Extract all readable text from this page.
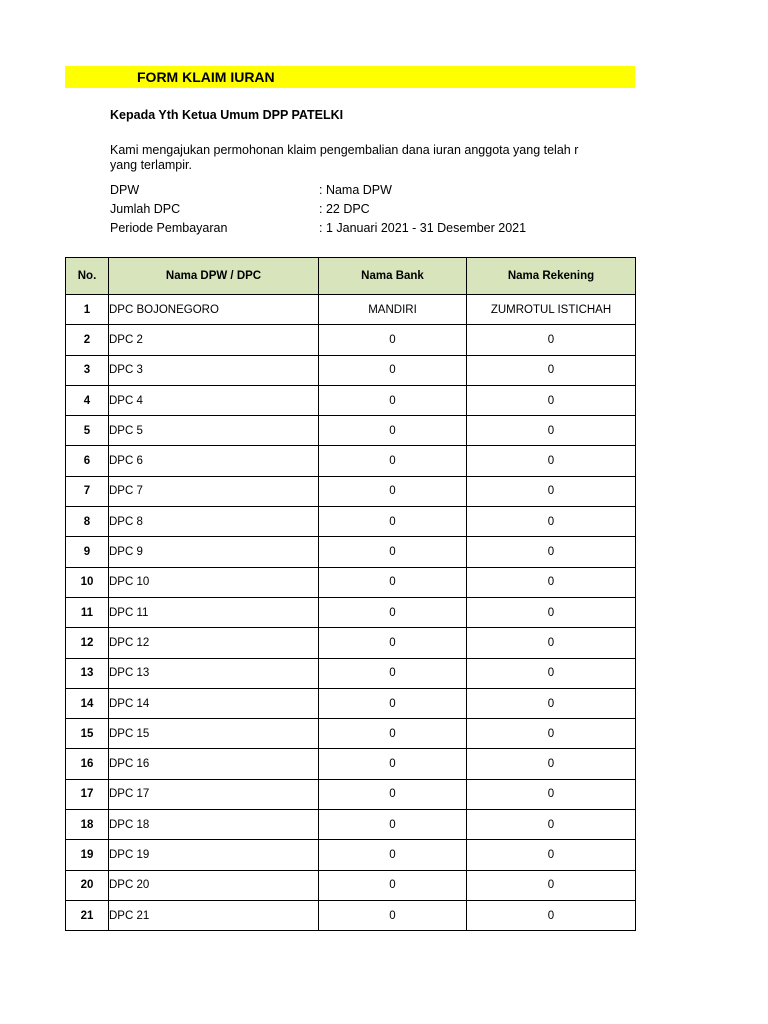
FORM KLAIM IURAN
Kepada Yth Ketua Umum DPP PATELKI
Kami mengajukan permohonan klaim pengembalian dana iuran anggota yang telah r
yang terlampir.
DPW	: Nama DPW
Jumlah DPC	: 22 DPC
Periode Pembayaran	: 1 Januari 2021 - 31 Desember 2021
No.	Nama DPW / DPC	Nama Bank	Nama Rekening
1	DPC BOJONEGORO	MANDIRI	ZUMROTUL ISTICHAH
2	DPC 2	0	0
3	DPC 3	0	0
4	DPC 4	0	0
5	DPC 5	0	0
6	DPC 6	0	0
7	DPC 7	0	0
8	DPC 8	0	0
9	DPC 9	0	0
10	DPC 10	0	0
11	DPC 11	0	0
12	DPC 12	0	0
13	DPC 13	0	0
14	DPC 14	0	0
15	DPC 15	0	0
16	DPC 16	0	0
17	DPC 17	0	0
18	DPC 18	0	0
19	DPC 19	0	0
20	DPC 20	0	0
21	DPC 21	0	0
